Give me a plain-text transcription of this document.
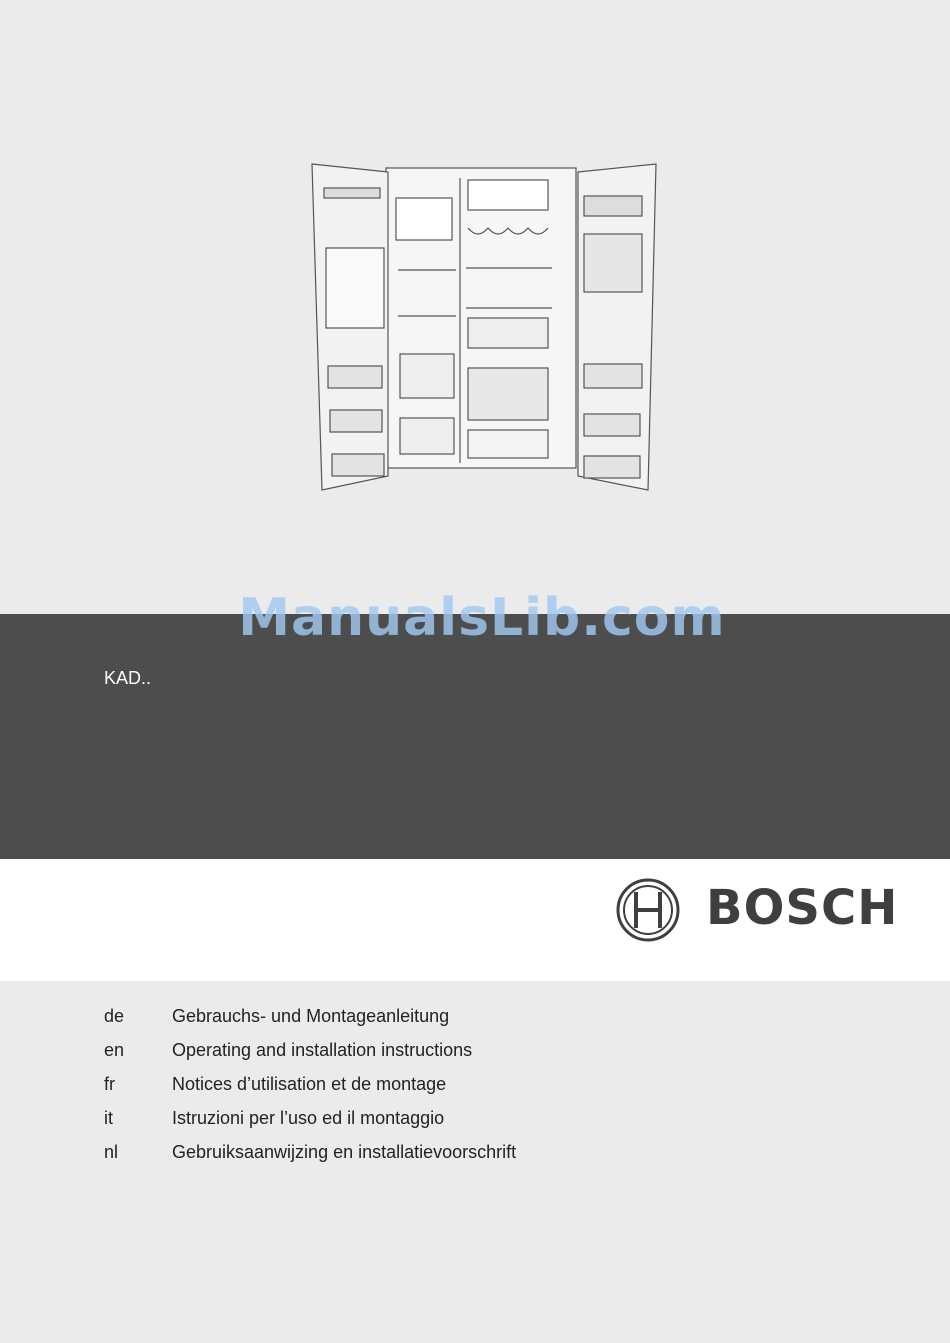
KAD..
ManualsLib.com
BOSCH
de	Gebrauchs- und Montageanleitung
en	Operating and installation instructions
fr	Notices d’utilisation et de montage
it	Istruzioni per l’uso ed il montaggio
nl	Gebruiksaanwijzing en installatievoorschrift
